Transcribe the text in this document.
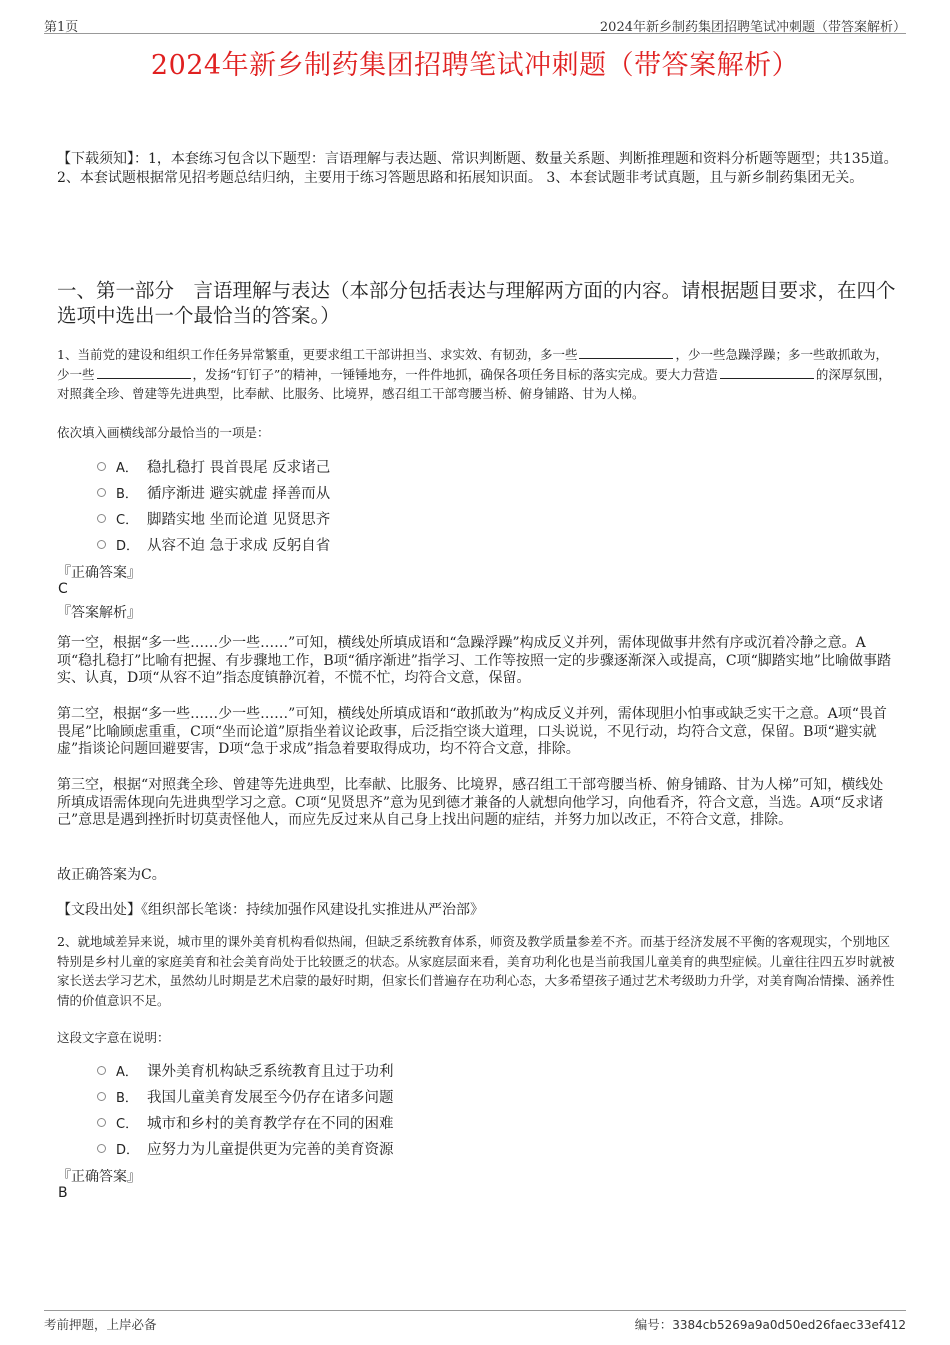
第1页	2024年新乡制药集团招聘笔试冲刺题（带答案解析）
2024年新乡制药集团招聘笔试冲刺题（带答案解析）
【下载须知】：1，本套练习包含以下题型：言语理解与表达题、常识判断题、数量关系题、判断推理题和资料分析题等题型；共135道。 2、本套试题根据常见招考题总结归纳，主要用于练习答题思路和拓展知识面。 3、本套试题非考试真题，且与新乡制药集团无关。
一、第一部分　言语理解与表达（本部分包括表达与理解两方面的内容。请根据题目要求，在四个选项中选出一个最恰当的答案。）
1、当前党的建设和组织工作任务异常繁重，更要求组工干部讲担当、求实效、有韧劲，多一些	，少一些急躁浮躁；多一些敢抓敢为，少一些	，发扬“钉钉子”的精神，一锤锤地夯，一件件地抓，确保各项任务目标的落实完成。要大力营造	的深厚氛围，对照龚全珍、曾建等先进典型，比奉献、比服务、比境界，感召组工干部弯腰当桥、俯身铺路、甘为人梯。
依次填入画横线部分最恰当的一项是：
A． 稳扎稳打 畏首畏尾 反求诸己
B． 循序渐进 避实就虚 择善而从
C． 脚踏实地 坐而论道 见贤思齐
D． 从容不迫 急于求成 反躬自省
『正确答案』
C
『答案解析』
第一空，根据“多一些……少一些……”可知，横线处所填成语和“急躁浮躁”构成反义并列，需体现做事井然有序或沉着冷静之意。A项“稳扎稳打”比喻有把握、有步骤地工作，B项“循序渐进”指学习、工作等按照一定的步骤逐渐深入或提高，C项“脚踏实地”比喻做事踏实、认真，D项“从容不迫”指态度镇静沉着，不慌不忙，均符合文意，保留。
第二空，根据“多一些……少一些……”可知，横线处所填成语和“敢抓敢为”构成反义并列，需体现胆小怕事或缺乏实干之意。A项“畏首畏尾”比喻顾虑重重，C项“坐而论道”原指坐着议论政事，后泛指空谈大道理，口头说说，不见行动，均符合文意，保留。B项“避实就虚”指谈论问题回避要害，D项“急于求成”指急着要取得成功，均不符合文意，排除。
第三空，根据“对照龚全珍、曾建等先进典型，比奉献、比服务、比境界，感召组工干部弯腰当桥、俯身铺路、甘为人梯”可知，横线处所填成语需体现向先进典型学习之意。C项“见贤思齐”意为见到德才兼备的人就想向他学习，向他看齐，符合文意，当选。A项“反求诸己”意思是遇到挫折时切莫责怪他人，而应先反过来从自己身上找出问题的症结，并努力加以改正，不符合文意，排除。
故正确答案为C。
【文段出处】《组织部长笔谈：持续加强作风建设扎实推进从严治部》
2、就地域差异来说，城市里的课外美育机构看似热闹，但缺乏系统教育体系，师资及教学质量参差不齐。而基于经济发展不平衡的客观现实，个别地区特别是乡村儿童的家庭美育和社会美育尚处于比较匮乏的状态。从家庭层面来看，美育功利化也是当前我国儿童美育的典型症候。儿童往往四五岁时就被家长送去学习艺术，虽然幼儿时期是艺术启蒙的最好时期，但家长们普遍存在功利心态，大多希望孩子通过艺术考级助力升学，对美育陶冶情操、涵养性情的价值意识不足。
这段文字意在说明：
A． 课外美育机构缺乏系统教育且过于功利
B． 我国儿童美育发展至今仍存在诸多问题
C． 城市和乡村的美育教学存在不同的困难
D． 应努力为儿童提供更为完善的美育资源
『正确答案』
B
考前押题，上岸必备	编号：3384cb5269a9a0d50ed26faec33ef412
